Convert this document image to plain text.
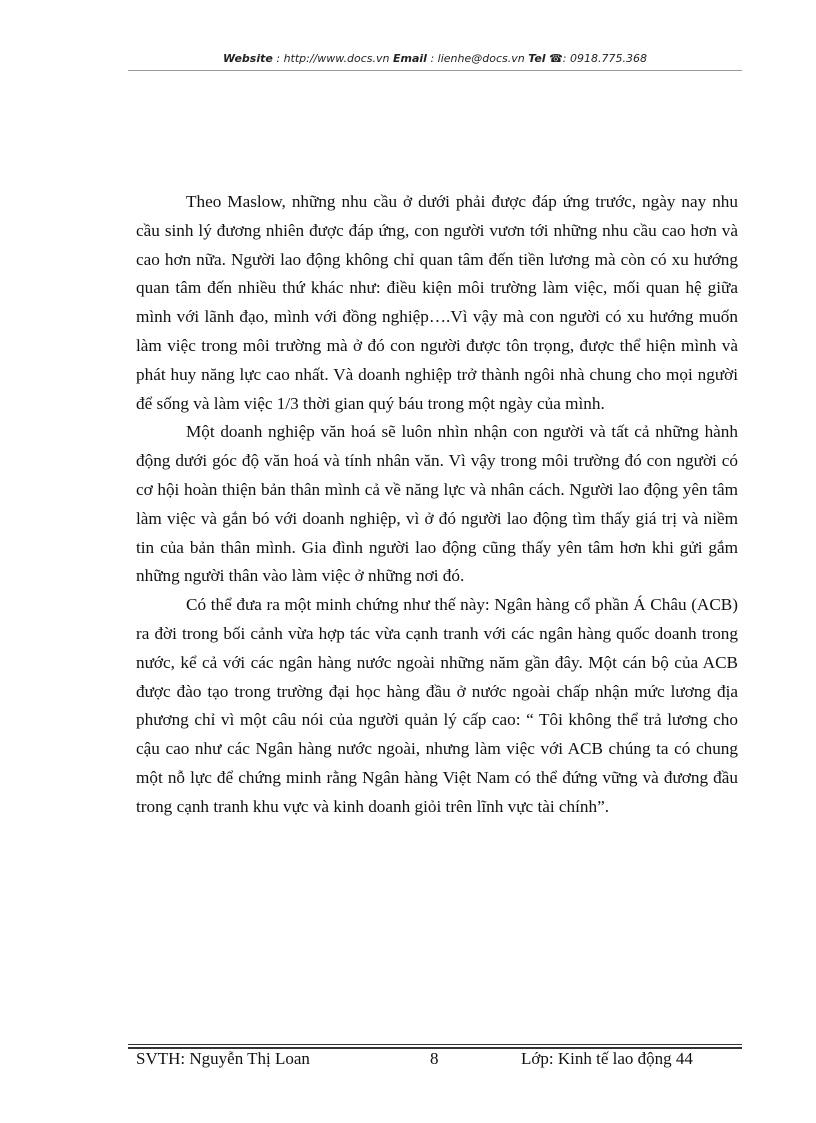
Website : http://www.docs.vn Email : lienhe@docs.vn Tel ☎: 0918.775.368

Theo Maslow, những nhu cầu ở dưới phải được đáp ứng trước, ngày nay nhu cầu sinh lý đương nhiên được đáp ứng, con người vươn tới những nhu cầu cao hơn và cao hơn nữa. Người lao động không chỉ quan tâm đến tiền lương mà còn có xu hướng quan tâm đến nhiều thứ khác như: điều kiện môi trường làm việc, mối quan hệ giữa mình với lãnh đạo, mình với đồng nghiệp….Vì vậy mà con người có xu hướng muốn làm việc trong môi trường mà ở đó con người được tôn trọng, được thể hiện mình và phát huy năng lực cao nhất. Và doanh nghiệp trở thành ngôi nhà chung cho mọi người để sống và làm việc 1/3 thời gian quý báu trong một ngày của mình.

Một doanh nghiệp văn hoá sẽ luôn nhìn nhận con người và tất cả những hành động dưới góc độ văn hoá và tính nhân văn. Vì vậy trong môi trường đó con người có cơ hội hoàn thiện bản thân mình cả về năng lực và nhân cách. Người lao động yên tâm làm việc và gắn bó với doanh nghiệp, vì ở đó người lao động tìm thấy giá trị và niềm tin của bản thân mình. Gia đình người lao động cũng thấy yên tâm hơn khi gửi gắm những người thân vào làm việc ở những nơi đó.

Có thể đưa ra một minh chứng như thế này: Ngân hàng cổ phần Á Châu (ACB) ra đời trong bối cảnh vừa hợp tác vừa cạnh tranh với các ngân hàng quốc doanh trong nước, kể cả với các ngân hàng nước ngoài những năm gần đây. Một cán bộ của ACB được đào tạo trong trường đại học hàng đầu ở nước ngoài chấp nhận mức lương địa phương chỉ vì một câu nói của người quản lý cấp cao: “ Tôi không thể trả lương cho cậu cao như các Ngân hàng nước ngoài, nhưng làm việc với ACB chúng ta có chung một nỗ lực để chứng minh rằng Ngân hàng Việt Nam có thể đứng vững và đương đầu trong cạnh tranh khu vực và kinh doanh giỏi trên lĩnh vực tài chính”.

SVTH: Nguyễn Thị Loan	8	Lớp: Kinh tế lao động 44
